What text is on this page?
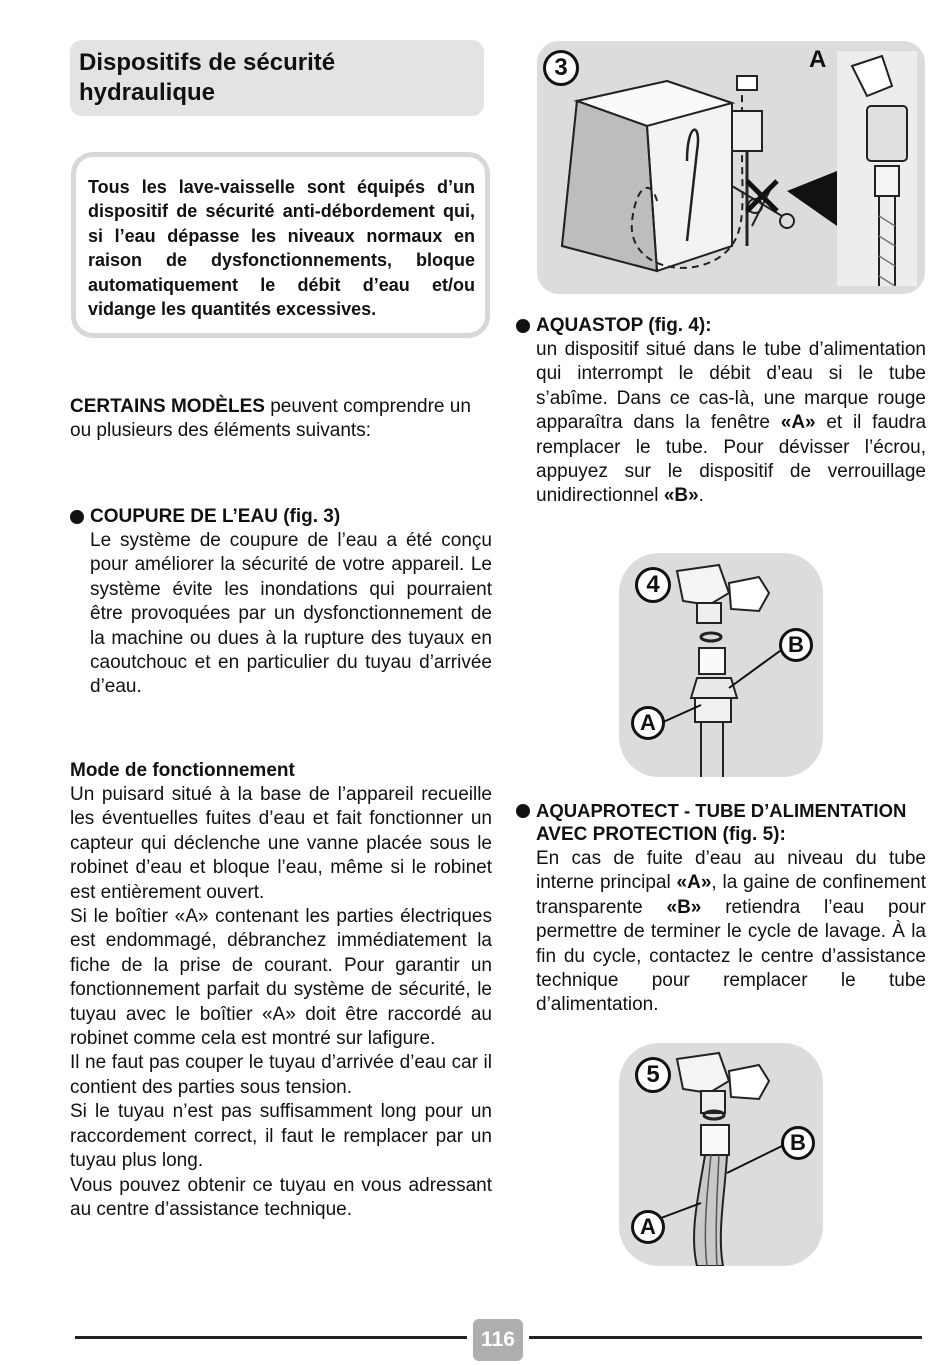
Dispositifs de sécurité
hydraulique
Tous les lave-vaisselle sont équipés d’un dispositif de sécurité anti-débordement qui, si l’eau dépasse les niveaux normaux en raison de dysfonctionnements, bloque automatiquement le débit d’eau et/ou vidange les quantités excessives.
CERTAINS MODÈLES peuvent comprendre un ou plusieurs des éléments suivants:
COUPURE DE L’EAU (fig. 3)
Le système de coupure de l’eau a été conçu pour améliorer la sécurité de votre appareil. Le système évite les inondations qui pourraient être provoquées par un dysfonctionnement de la machine ou dues à la rupture des tuyaux en caoutchouc et en particulier du tuyau d’arrivée d’eau.
Mode de fonctionnement

Un puisard situé à la base de l’appareil recueille les éventuelles fuites d’eau et fait fonctionner un capteur qui déclenche une vanne placée sous le robinet d’eau et bloque l’eau, même si le robinet est entièrement ouvert.

Si le boîtier «A» contenant les parties électriques est endommagé, débranchez immédiatement la fiche de la prise de courant. Pour garantir un fonctionnement parfait du système de sécurité, le tuyau avec le boîtier «A» doit être raccordé au robinet comme cela est montré sur lafigure.

Il ne faut pas couper le tuyau d’arrivée d’eau car il contient des parties sous tension.

Si le tuyau n’est pas suffisamment long pour un raccordement correct, il faut le remplacer par un tuyau plus long.

Vous pouvez obtenir ce tuyau en vous adressant au centre d’assistance technique.

3	A
AQUASTOP (fig. 4):
un dispositif situé dans le tube d’alimentation qui interrompt le débit d’eau si le tube s’abîme. Dans ce cas-là, une marque rouge apparaîtra dans la fenêtre «A» et il faudra remplacer le tube. Pour dévisser l’écrou, appuyez sur le dispositif de verrouillage unidirectionnel «B».
4
B
A
AQUAPROTECT - TUBE D’ALIMENTATION
AVEC PROTECTION (fig. 5):
En cas de fuite d’eau au niveau du tube interne principal «A», la gaine de confinement transparente «B» retiendra l’eau pour permettre de terminer le cycle de lavage. À la fin du cycle, contactez le centre d’assistance technique pour remplacer le tube d’alimentation.
5
B
A
116
